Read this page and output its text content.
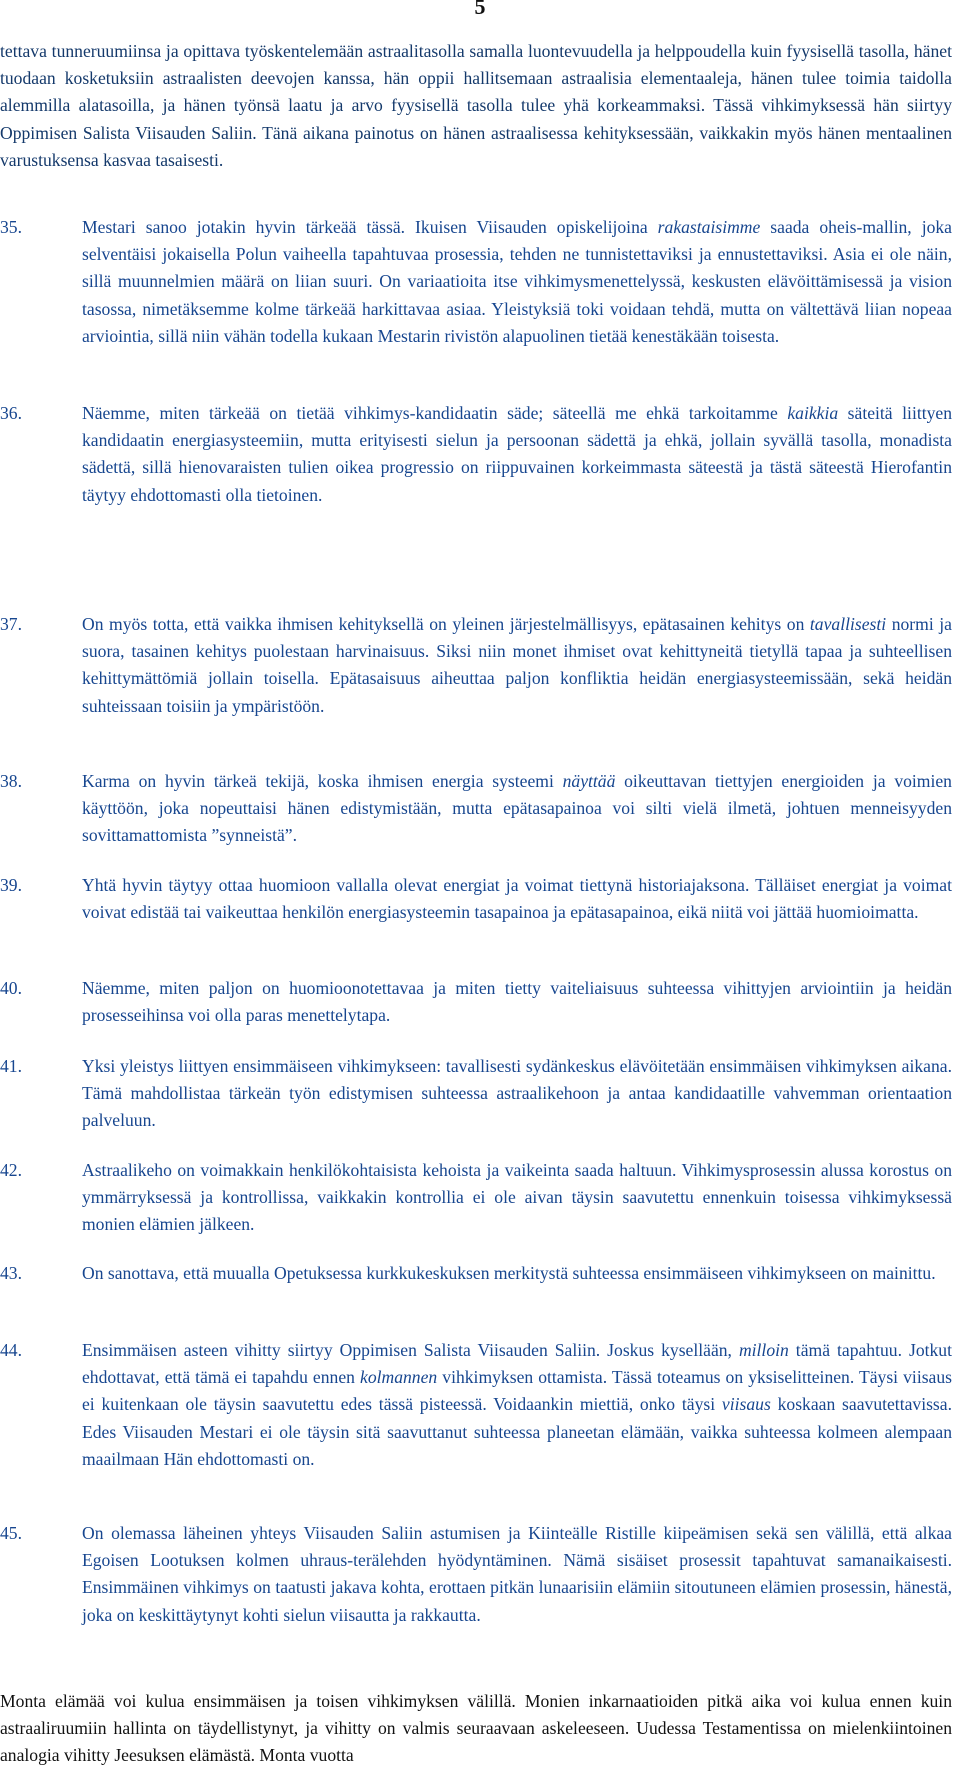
5
tettava tunneruumiinsa ja opittava työskentelemään astraalitasolla samalla luontevuudella ja helppoudella kuin fyysisellä tasolla, hänet tuodaan kosketuksiin astraalisten deevojen kanssa, hän oppii hallitsemaan astraalisia elementaaleja, hänen tulee toimia taidolla alemmilla alatasoilla, ja hänen työnsä laatu ja arvo fyysisellä tasolla tulee yhä korkeammaksi. Tässä vihkimyksessä hän siirtyy Oppimisen Salista Viisauden Saliin. Tänä aikana painotus on hänen astraalisessa kehityksessään, vaikkakin myös hänen mentaalinen varustuksensa kasvaa tasaisesti.
35.	Mestari sanoo jotakin hyvin tärkeää tässä. Ikuisen Viisauden opiskelijoina rakastaisimme saada oheis-mallin, joka selventäisi jokaisella Polun vaiheella tapahtuvaa prosessia, tehden ne tunnistettaviksi ja ennustettaviksi. Asia ei ole näin, sillä muunnelmien määrä on liian suuri. On variaatioita itse vihkimysmenettelyssä, keskusten elävöittämisessä ja vision tasossa, nimetäksemme kolme tärkeää harkittavaa asiaa. Yleistyksiä toki voidaan tehdä, mutta on vältettävä liian nopeaa arviointia, sillä niin vähän todella kukaan Mestarin rivistön alapuolinen tietää kenestäkään toisesta.
36.	Näemme, miten tärkeää on tietää vihkimys-kandidaatin säde; säteellä me ehkä tarkoitamme kaikkia säteitä liittyen kandidaatin energiasysteemiin, mutta erityisesti sielun ja persoonan sädettä ja ehkä, jollain syvällä tasolla, monadista sädettä, sillä hienovaraisten tulien oikea progressio on riippuvainen korkeimmasta säteestä ja tästä säteestä Hierofantin täytyy ehdottomasti olla tietoinen.
37.	On myös totta, että vaikka ihmisen kehityksellä on yleinen järjestelmällisyys, epätasainen kehitys on tavallisesti normi ja suora, tasainen kehitys puolestaan harvinaisuus. Siksi niin monet ihmiset ovat kehittyneitä tietyllä tapaa ja suhteellisen kehittymättömiä jollain toisella. Epätasaisuus aiheuttaa paljon konfliktia heidän energiasysteemissään, sekä heidän suhteissaan toisiin ja ympäristöön.
38.	Karma on hyvin tärkeä tekijä, koska ihmisen energia systeemi näyttää oikeuttavan tiettyjen energioiden ja voimien käyttöön, joka nopeuttaisi hänen edistymistään, mutta epätasapainoa voi silti vielä ilmetä, johtuen menneisyyden sovittamattomista ”synneistä”.
39.	Yhtä hyvin täytyy ottaa huomioon vallalla olevat energiat ja voimat tiettynä historiajaksona. Tälläiset energiat ja voimat voivat edistää tai vaikeuttaa henkilön energiasysteemin tasapainoa ja epätasapainoa, eikä niitä voi jättää huomioimatta.
40.	Näemme, miten paljon on huomioonotettavaa ja miten tietty vaiteliaisuus suhteessa vihittyjen arviointiin ja heidän prosesseihinsa voi olla paras menettelytapa.
41.	Yksi yleistys liittyen ensimmäiseen vihkimykseen: tavallisesti sydänkeskus elävöitetään ensimmäisen vihkimyksen aikana. Tämä mahdollistaa tärkeän työn edistymisen suhteessa astraalikehoon ja antaa kandidaatille vahvemman orientaation palveluun.
42.	Astraalikeho on voimakkain henkilökohtaisista kehoista ja vaikeinta saada haltuun. Vihkimysprosessin alussa korostus on ymmärryksessä ja kontrollissa, vaikkakin kontrollia ei ole aivan täysin saavutettu ennenkuin toisessa vihkimyksessä monien elämien jälkeen.
43.	On sanottava, että muualla Opetuksessa kurkkukeskuksen merkitystä suhteessa ensimmäiseen vihkimykseen on mainittu.
44.	Ensimmäisen asteen vihitty siirtyy Oppimisen Salista Viisauden Saliin. Joskus kysellään, milloin tämä tapahtuu. Jotkut ehdottavat, että tämä ei tapahdu ennen kolmannen vihkimyksen ottamista. Tässä toteamus on yksiselitteinen. Täysi viisaus ei kuitenkaan ole täysin saavutettu edes tässä pisteessä. Voidaankin miettiä, onko täysi viisaus koskaan saavutettavissa. Edes Viisauden Mestari ei ole täysin sitä saavuttanut suhteessa planeetan elämään, vaikka suhteessa kolmeen alempaan maailmaan Hän ehdottomasti on.
45.	On olemassa läheinen yhteys Viisauden Saliin astumisen ja Kiinteälle Ristille kiipeämisen sekä sen välillä, että alkaa Egoisen Lootuksen kolmen uhraus-terälehden hyödyntäminen. Nämä sisäiset prosessit tapahtuvat samanaikaisesti. Ensimmäinen vihkimys on taatusti jakava kohta, erottaen pitkän lunaarisiin elämiin sitoutuneen elämien prosessin, hänestä, joka on keskittäytynyt kohti sielun viisautta ja rakkautta.
Monta elämää voi kulua ensimmäisen ja toisen vihkimyksen välillä. Monien inkarnaatioiden pitkä aika voi kulua ennen kuin astraaliruumiin hallinta on täydellistynyt, ja vihitty on valmis seuraavaan askeleeseen. Uudessa Testamentissa on mielenkiintoinen analogia vihitty Jeesuksen elämästä. Monta vuotta
